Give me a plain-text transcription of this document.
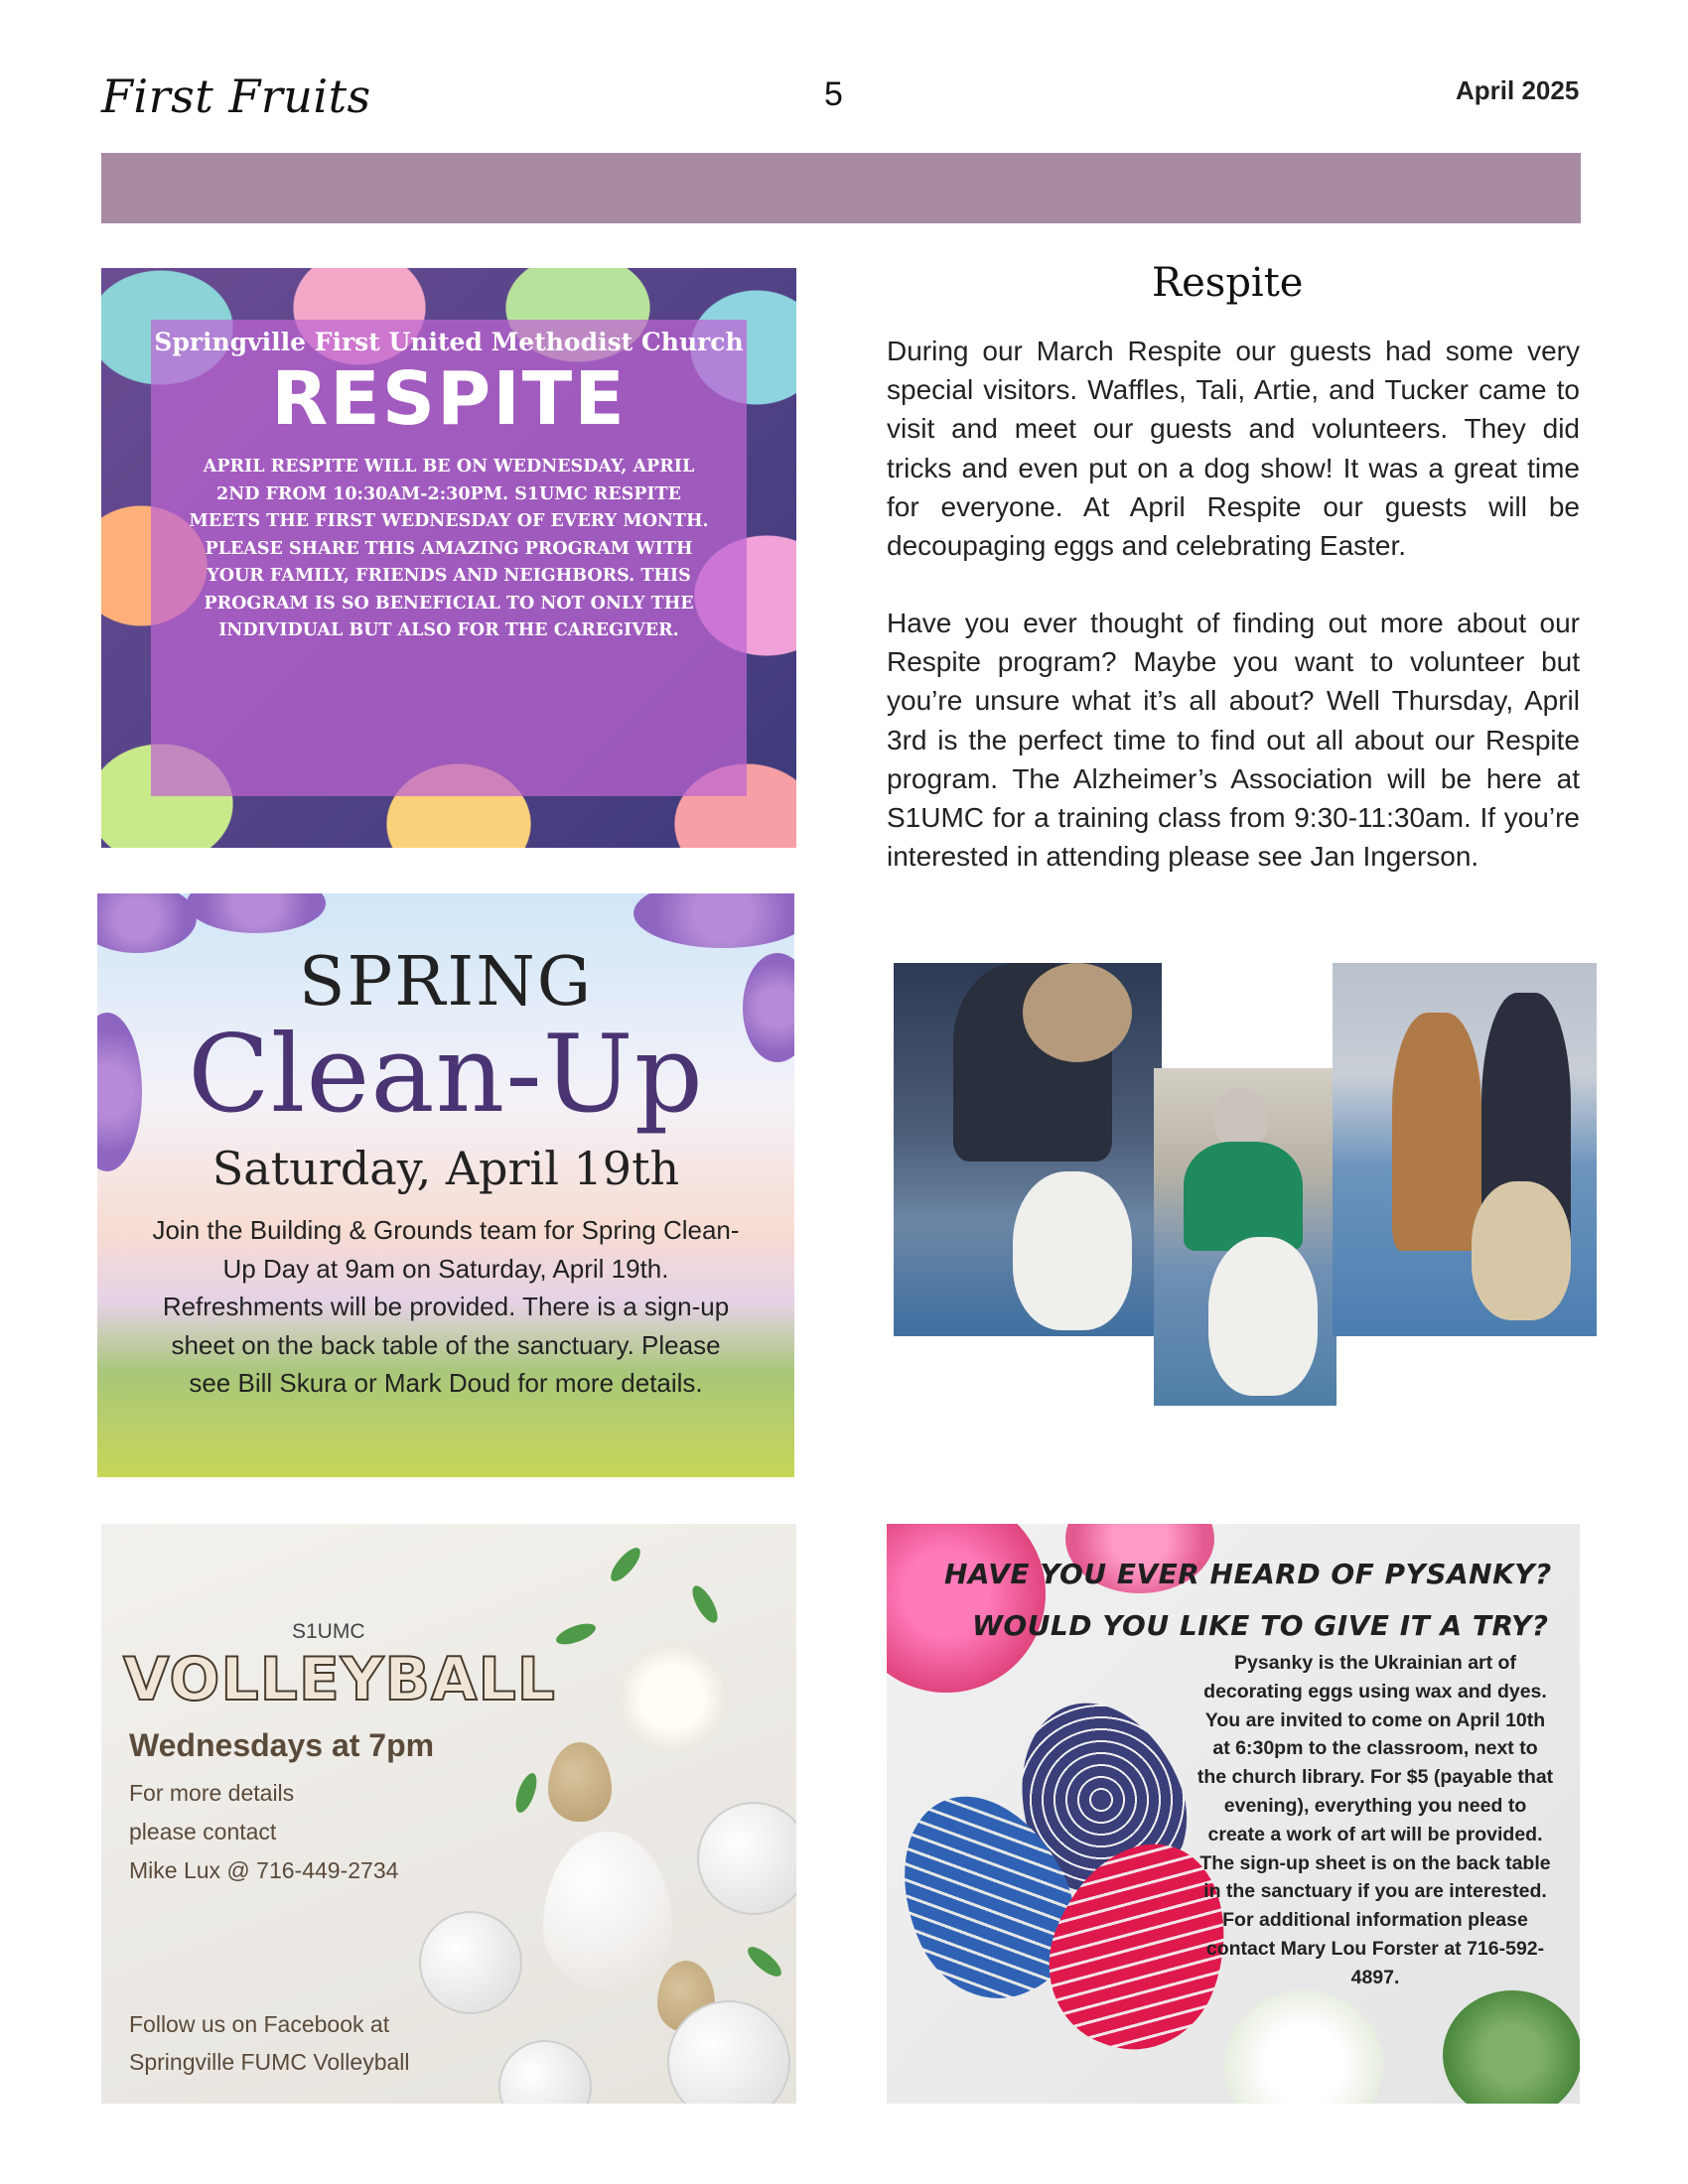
First Fruits	5	April 2025
Springville First United Methodist Church
RESPITE
APRIL RESPITE WILL BE ON WEDNESDAY, APRIL 2ND FROM 10:30AM-2:30PM. S1UMC RESPITE MEETS THE FIRST WEDNESDAY OF EVERY MONTH. PLEASE SHARE THIS AMAZING PROGRAM WITH YOUR FAMILY, FRIENDS AND NEIGHBORS. THIS PROGRAM IS SO BENEFICIAL TO NOT ONLY THE INDIVIDUAL BUT ALSO FOR THE CAREGIVER.
SPRING
Clean-Up
Saturday, April 19th
Join the Building & Grounds team for Spring Clean-Up Day at 9am on Saturday, April 19th. Refreshments will be provided. There is a sign-up sheet on the back table of the sanctuary. Please see Bill Skura or Mark Doud for more details.
S1UMC
VOLLEYBALL
Wednesdays at 7pm
For more details
please contact
Mike Lux @ 716-449-2734
Follow us on Facebook at
Springville FUMC Volleyball
Respite
During our March Respite our guests had some very special visitors. Waffles, Tali, Artie, and Tucker came to visit and meet our guests and volunteers. They did tricks and even put on a dog show! It was a great time for everyone. At April Respite our guests will be decoupaging eggs and celebrating Easter.
Have you ever thought of finding out more about our Respite program? Maybe you want to volunteer but you’re unsure what it’s all about? Well Thursday, April 3rd is the perfect time to find out all about our Respite program. The Alzheimer’s Association will be here at S1UMC for a training class from 9:30-11:30am. If you’re interested in attending please see Jan Ingerson.
HAVE YOU EVER HEARD OF PYSANKY?
WOULD YOU LIKE TO GIVE IT A TRY?
Pysanky is the Ukrainian art of decorating eggs using wax and dyes. You are invited to come on April 10th at 6:30pm to the classroom, next to the church library. For $5 (payable that evening), everything you need to create a work of art will be provided. The sign-up sheet is on the back table in the sanctuary if you are interested. For additional information please contact Mary Lou Forster at 716-592-4897.
